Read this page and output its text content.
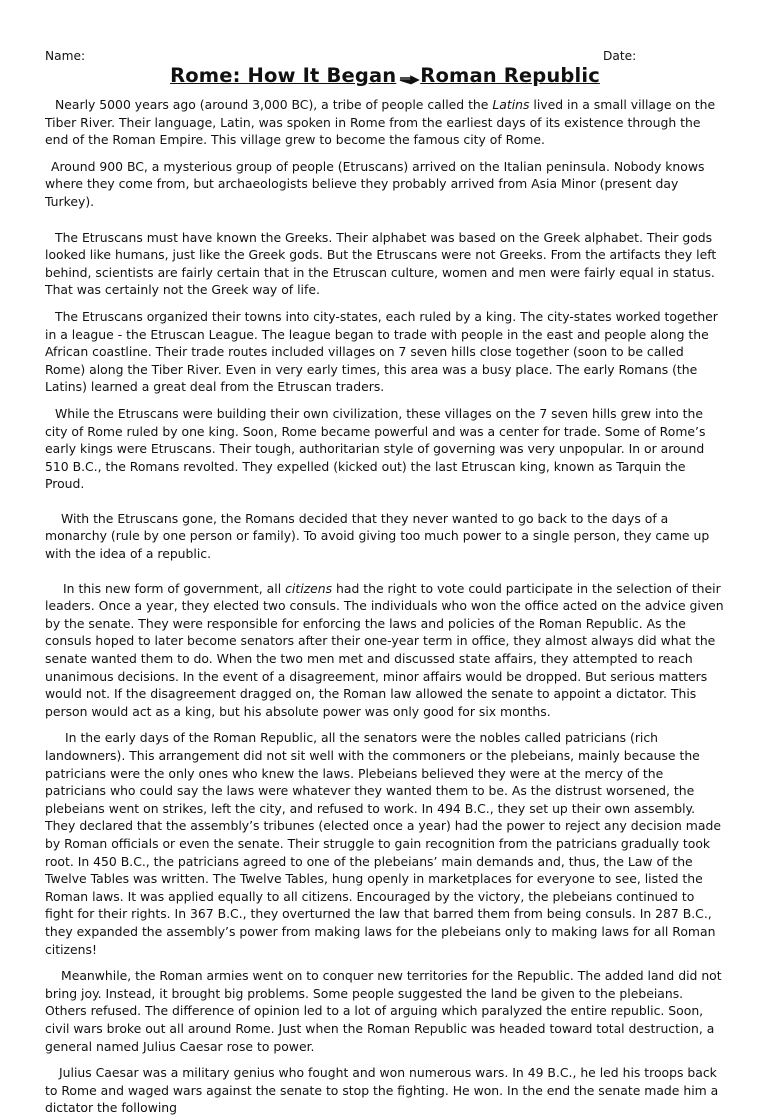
Name:	Date:
Rome: How It Began Roman Republic

Nearly 5000 years ago (around 3,000 BC), a tribe of people called the Latins lived in a small village on the Tiber River. Their language, Latin, was spoken in Rome from the earliest days of its existence through the end of the Roman Empire. This village grew to become the famous city of Rome.

Around 900 BC, a mysterious group of people (Etruscans) arrived on the Italian peninsula. Nobody knows where they come from, but archaeologists believe they probably arrived from Asia Minor (present day Turkey).

The Etruscans must have known the Greeks. Their alphabet was based on the Greek alphabet. Their gods looked like humans, just like the Greek gods. But the Etruscans were not Greeks. From the artifacts they left behind, scientists are fairly certain that in the Etruscan culture, women and men were fairly equal in status. That was certainly not the Greek way of life.

The Etruscans organized their towns into city-states, each ruled by a king. The city-states worked together in a league - the Etruscan League. The league began to trade with people in the east and people along the African coastline. Their trade routes included villages on 7 seven hills close together (soon to be called Rome) along the Tiber River. Even in very early times, this area was a busy place. The early Romans (the Latins) learned a great deal from the Etruscan traders.

While the Etruscans were building their own civilization, these villages on the 7 seven hills grew into the city of Rome ruled by one king. Soon, Rome became powerful and was a center for trade. Some of Rome’s early kings were Etruscans. Their tough, authoritarian style of governing was very unpopular. In or around 510 B.C., the Romans revolted. They expelled (kicked out) the last Etruscan king, known as Tarquin the Proud.

With the Etruscans gone, the Romans decided that they never wanted to go back to the days of a monarchy (rule by one person or family). To avoid giving too much power to a single person, they came up with the idea of a republic.

In this new form of government, all citizens had the right to vote could participate in the selection of their leaders. Once a year, they elected two consuls. The individuals who won the office acted on the advice given by the senate. They were responsible for enforcing the laws and policies of the Roman Republic. As the consuls hoped to later become senators after their one-year term in office, they almost always did what the senate wanted them to do. When the two men met and discussed state affairs, they attempted to reach unanimous decisions. In the event of a disagreement, minor affairs would be dropped. But serious matters would not. If the disagreement dragged on, the Roman law allowed the senate to appoint a dictator. This person would act as a king, but his absolute power was only good for six months.

In the early days of the Roman Republic, all the senators were the nobles called patricians (rich landowners). This arrangement did not sit well with the commoners or the plebeians, mainly because the patricians were the only ones who knew the laws. Plebeians believed they were at the mercy of the patricians who could say the laws were whatever they wanted them to be. As the distrust worsened, the plebeians went on strikes, left the city, and refused to work. In 494 B.C., they set up their own assembly. They declared that the assembly’s tribunes (elected once a year) had the power to reject any decision made by Roman officials or even the senate. Their struggle to gain recognition from the patricians gradually took root. In 450 B.C., the patricians agreed to one of the plebeians’ main demands and, thus, the Law of the Twelve Tables was written. The Twelve Tables, hung openly in marketplaces for everyone to see, listed the Roman laws. It was applied equally to all citizens. Encouraged by the victory, the plebeians continued to fight for their rights. In 367 B.C., they overturned the law that barred them from being consuls. In 287 B.C., they expanded the assembly’s power from making laws for the plebeians only to making laws for all Roman citizens!

Meanwhile, the Roman armies went on to conquer new territories for the Republic. The added land did not bring joy. Instead, it brought big problems. Some people suggested the land be given to the plebeians. Others refused. The difference of opinion led to a lot of arguing which paralyzed the entire republic. Soon, civil wars broke out all around Rome. Just when the Roman Republic was headed toward total destruction, a general named Julius Caesar rose to power.

Julius Caesar was a military genius who fought and won numerous wars. In 49 B.C., he led his troops back to Rome and waged wars against the senate to stop the fighting. He won. In the end the senate made him a dictator the following
